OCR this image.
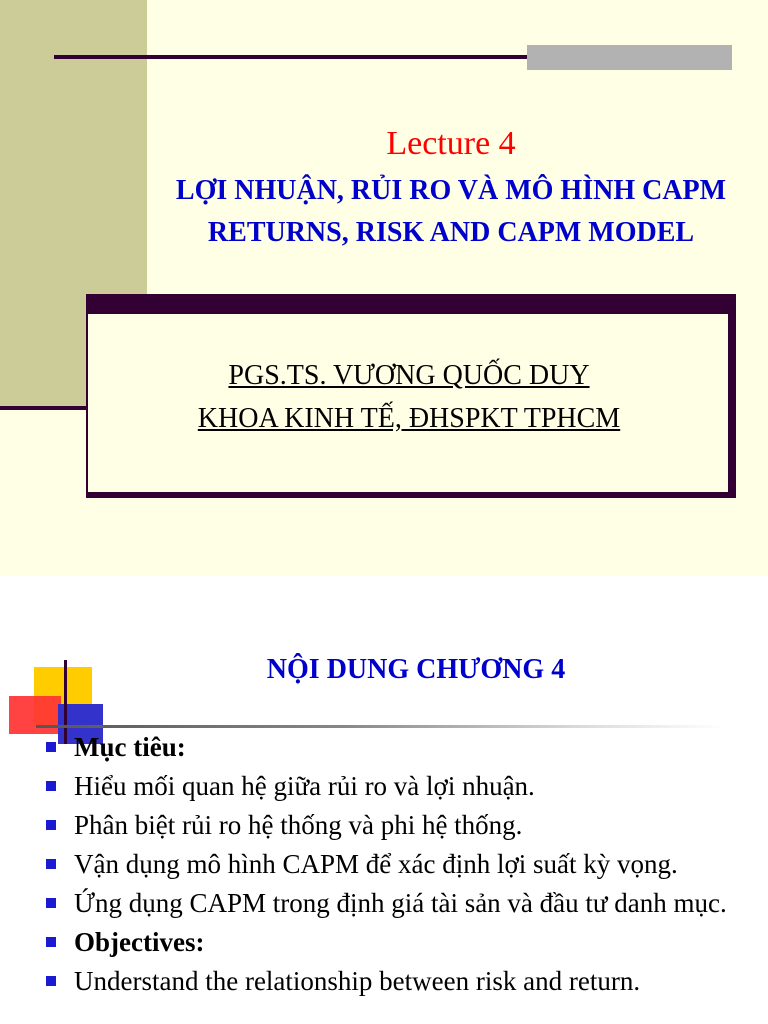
Lecture 4
LỢI NHUẬN, RỦI RO VÀ MÔ HÌNH CAPM
RETURNS, RISK AND CAPM MODEL
PGS.TS. VƯƠNG QUỐC DUY
KHOA KINH TẾ, ĐHSPKT TPHCM
NỘI DUNG CHƯƠNG 4
Mục tiêu:
Hiểu mối quan hệ giữa rủi ro và lợi nhuận.
Phân biệt rủi ro hệ thống và phi hệ thống.
Vận dụng mô hình CAPM để xác định lợi suất kỳ vọng.
Ứng dụng CAPM trong định giá tài sản và đầu tư danh mục.
Objectives:
Understand the relationship between risk and return.
